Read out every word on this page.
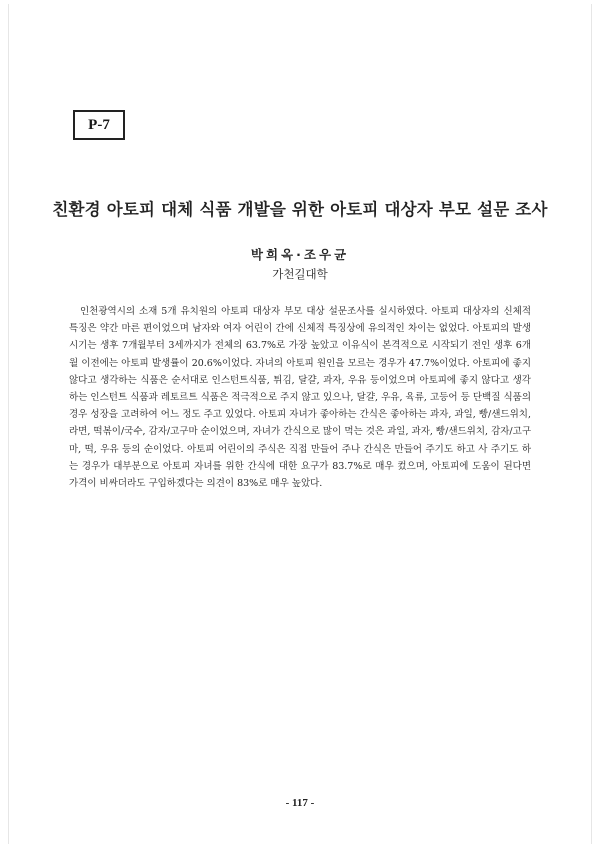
P-7
친환경 아토피 대체 식품 개발을 위한 아토피 대상자 부모 설문 조사
박희옥·조우균
가천길대학

인천광역시의 소재 5개 유치원의 아토피 대상자 부모 대상 설문조사를 실시하였다. 아토피 대상자의 신체적 특징은 약간 마른 편이었으며 남자와 여자 어린이 간에 신체적 특징상에 유의적인 차이는 없었다. 아토피의 발생시기는 생후 7개월부터 3세까지가 전체의 63.7%로 가장 높았고 이유식이 본격적으로 시작되기 전인 생후 6개월 이전에는 아토피 발생률이 20.6%이었다. 자녀의 아토피 원인을 모르는 경우가 47.7%이었다. 아토피에 좋지 않다고 생각하는 식품은 순서대로 인스턴트식품, 튀김, 달걀, 과자, 우유 등이었으며 아토피에 좋지 않다고 생각하는 인스턴트 식품과 레토르트 식품은 적극적으로 주지 않고 있으나, 달걀, 우유, 육류, 고등어 등 단백질 식품의 경우 성장을 고려하여 어느 정도 주고 있었다. 아토피 자녀가 좋아하는 간식은 좋아하는 과자, 과일, 빵/샌드위치, 라면, 떡볶이/국수, 감자/고구마 순이었으며, 자녀가 간식으로 많이 먹는 것은 과일, 과자, 빵/샌드위치, 감자/고구마, 떡, 우유 등의 순이었다. 아토피 어린이의 주식은 직접 만들어 주나 간식은 만들어 주기도 하고 사 주기도 하는 경우가 대부분으로 아토피 자녀를 위한 간식에 대한 요구가 83.7%로 매우 컸으며, 아토피에 도움이 된다면 가격이 비싸더라도 구입하겠다는 의견이 83%로 매우 높았다.

- 117 -
